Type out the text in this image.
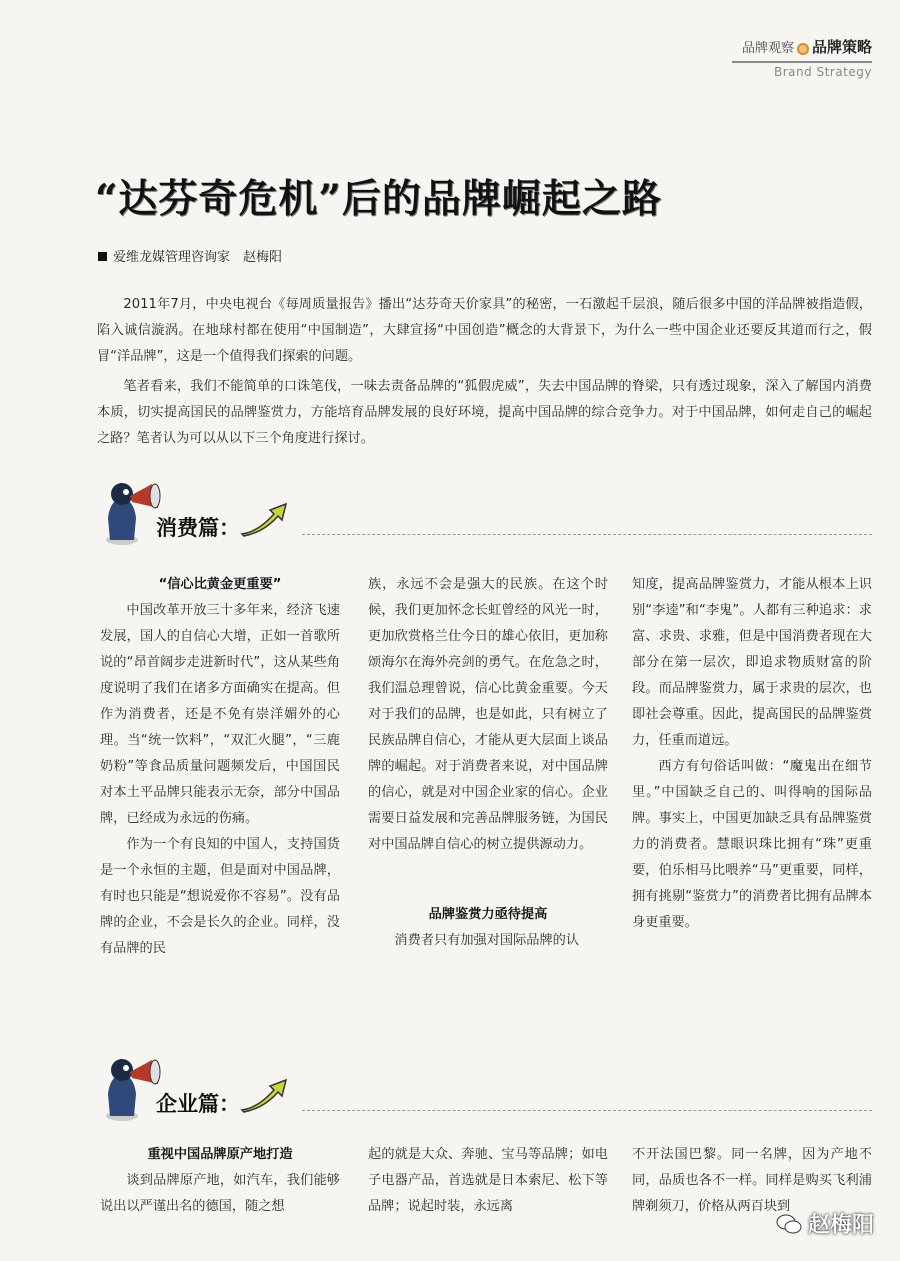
品牌观察 品牌策略
Brand Strategy
“达芬奇危机”后的品牌崛起之路
爱维龙媒管理咨询家　赵梅阳

2011年7月，中央电视台《每周质量报告》播出“达芬奇天价家具”的秘密，一石激起千层浪，随后很多中国的洋品牌被指造假，陷入诚信漩涡。在地球村都在使用“中国制造”，大肆宣扬“中国创造”概念的大背景下，为什么一些中国企业还要反其道而行之，假冒“洋品牌”，这是一个值得我们探索的问题。

笔者看来，我们不能简单的口诛笔伐，一味去责备品牌的“狐假虎威”，失去中国品牌的脊梁，只有透过现象，深入了解国内消费本质，切实提高国民的品牌鉴赏力，方能培育品牌发展的良好环境，提高中国品牌的综合竞争力。对于中国品牌，如何走自己的崛起之路？笔者认为可以从以下三个角度进行探讨。

消费篇：

“信心比黄金更重要”

中国改革开放三十多年来，经济飞速发展，国人的自信心大增，正如一首歌所说的“昂首阔步走进新时代”，这从某些角度说明了我们在诸多方面确实在提高。但作为消费者，还是不免有崇洋媚外的心理。当“统一饮料”，“双汇火腿”，“三鹿奶粉”等食品质量问题频发后，中国国民对本土平品牌只能表示无奈，部分中国品牌，已经成为永远的伤痛。

作为一个有良知的中国人，支持国货是一个永恒的主题，但是面对中国品牌，有时也只能是“想说爱你不容易”。没有品牌的企业，不会是长久的企业。同样，没有品牌的民

族，永远不会是强大的民族。在这个时候，我们更加怀念长虹曾经的风光一时，更加欣赏格兰仕今日的雄心依旧，更加称颂海尔在海外亮剑的勇气。在危急之时，我们温总理曾说，信心比黄金重要。今天对于我们的品牌，也是如此，只有树立了民族品牌自信心，才能从更大层面上谈品牌的崛起。对于消费者来说，对中国品牌的信心，就是对中国企业家的信心。企业需要日益发展和完善品牌服务链，为国民对中国品牌自信心的树立提供源动力。

品牌鉴赏力亟待提高

消费者只有加强对国际品牌的认

知度，提高品牌鉴赏力，才能从根本上识别“李逵”和“李鬼”。人都有三种追求：求富、求贵、求雅，但是中国消费者现在大部分在第一层次，即追求物质财富的阶段。而品牌鉴赏力，属于求贵的层次，也即社会尊重。因此，提高国民的品牌鉴赏力，任重而道远。

西方有句俗话叫做：“魔鬼出在细节里。”中国缺乏自己的、叫得响的国际品牌。事实上，中国更加缺乏具有品牌鉴赏力的消费者。慧眼识珠比拥有“珠”更重要，伯乐相马比喂养“马”更重要，同样，拥有挑剔“鉴赏力”的消费者比拥有品牌本身更重要。

企业篇：

重视中国品牌原产地打造

谈到品牌原产地，如汽车，我们能够说出以严谨出名的德国，随之想

起的就是大众、奔驰、宝马等品牌；如电子电器产品，首选就是日本索尼、松下等品牌；说起时装，永远离

不开法国巴黎。同一名牌，因为产地不同，品质也各不一样。同样是购买飞利浦牌剃须刀，价格从两百块到

赵梅阳
